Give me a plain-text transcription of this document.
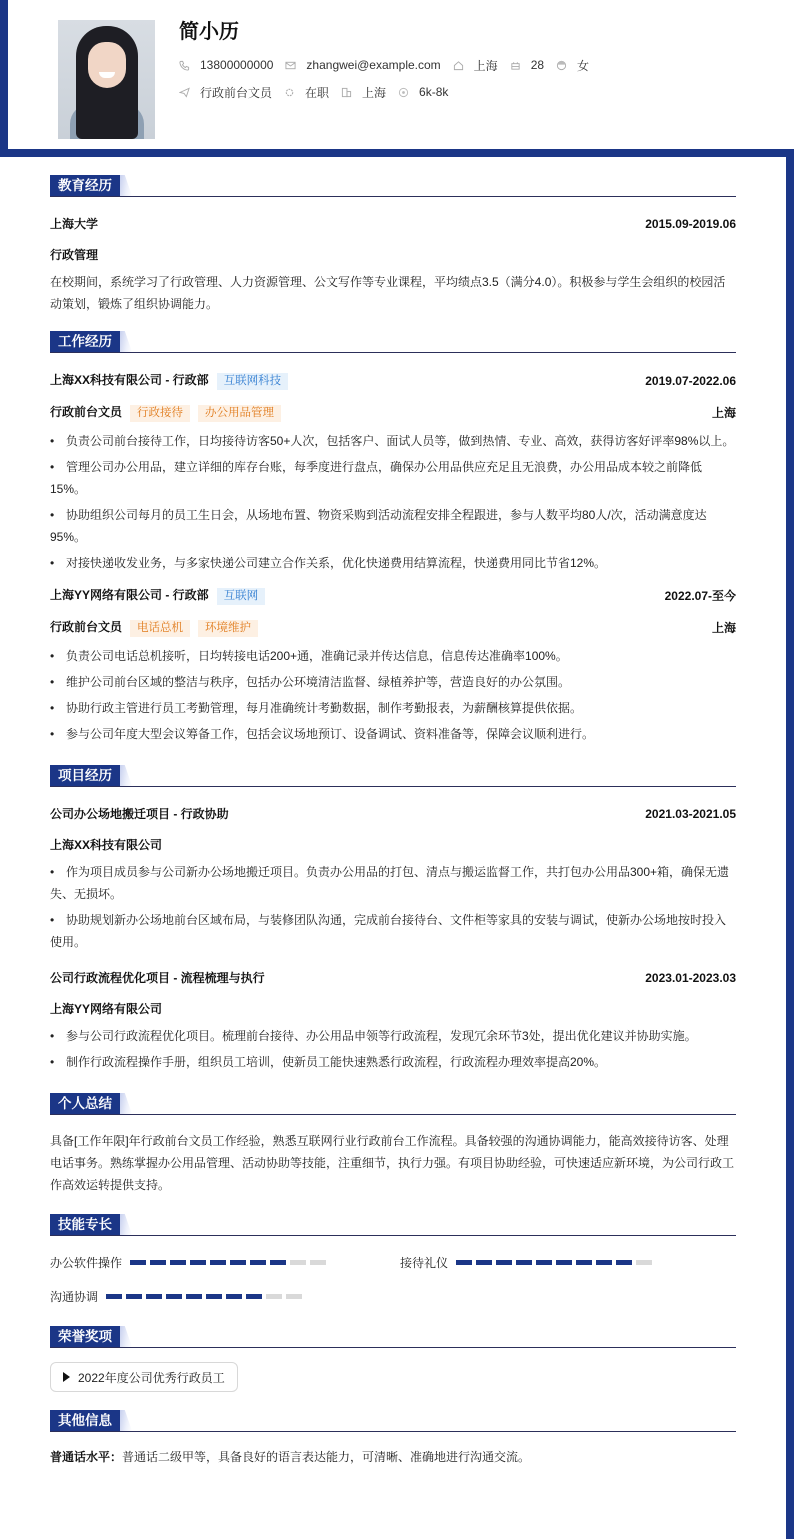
简小历
13800000000	zhangwei@example.com	上海	28	女
行政前台文员	在职	上海	6k-8k
教育经历
上海大学	2015.09-2019.06
行政管理
在校期间，系统学习了行政管理、人力资源管理、公文写作等专业课程，平均绩点3.5（满分4.0）。积极参与学生会组织的校园活动策划，锻炼了组织协调能力。
工作经历
上海XX科技有限公司 - 行政部 互联网科技	2019.07-2022.06
行政前台文员 行政接待 办公用品管理	上海
• 负责公司前台接待工作，日均接待访客50+人次，包括客户、面试人员等，做到热情、专业、高效，获得访客好评率98%以上。
• 管理公司办公用品，建立详细的库存台账，每季度进行盘点，确保办公用品供应充足且无浪费，办公用品成本较之前降低15%。
• 协助组织公司每月的员工生日会，从场地布置、物资采购到活动流程安排全程跟进，参与人数平均80人/次，活动满意度达95%。
• 对接快递收发业务，与多家快递公司建立合作关系，优化快递费用结算流程，快递费用同比节省12%。
上海YY网络有限公司 - 行政部 互联网	2022.07-至今
行政前台文员 电话总机 环境维护	上海
• 负责公司电话总机接听，日均转接电话200+通，准确记录并传达信息，信息传达准确率100%。
• 维护公司前台区域的整洁与秩序，包括办公环境清洁监督、绿植养护等，营造良好的办公氛围。
• 协助行政主管进行员工考勤管理，每月准确统计考勤数据，制作考勤报表，为薪酬核算提供依据。
• 参与公司年度大型会议筹备工作，包括会议场地预订、设备调试、资料准备等，保障会议顺利进行。
项目经历
公司办公场地搬迁项目 - 行政协助	2021.03-2021.05
上海XX科技有限公司
• 作为项目成员参与公司新办公场地搬迁项目。负责办公用品的打包、清点与搬运监督工作，共打包办公用品300+箱，确保无遗失、无损坏。
• 协助规划新办公场地前台区域布局，与装修团队沟通，完成前台接待台、文件柜等家具的安装与调试，使新办公场地按时投入使用。
公司行政流程优化项目 - 流程梳理与执行	2023.01-2023.03
上海YY网络有限公司
• 参与公司行政流程优化项目。梳理前台接待、办公用品申领等行政流程，发现冗余环节3处，提出优化建议并协助实施。
• 制作行政流程操作手册，组织员工培训，使新员工能快速熟悉行政流程，行政流程办理效率提高20%。
个人总结
具备[工作年限]年行政前台文员工作经验，熟悉互联网行业行政前台工作流程。具备较强的沟通协调能力，能高效接待访客、处理电话事务。熟练掌握办公用品管理、活动协助等技能，注重细节，执行力强。有项目协助经验，可快速适应新环境，为公司行政工作高效运转提供支持。
技能专长
办公软件操作	接待礼仪
沟通协调
荣誉奖项
2022年度公司优秀行政员工
其他信息
普通话水平：普通话二级甲等，具备良好的语言表达能力，可清晰、准确地进行沟通交流。
